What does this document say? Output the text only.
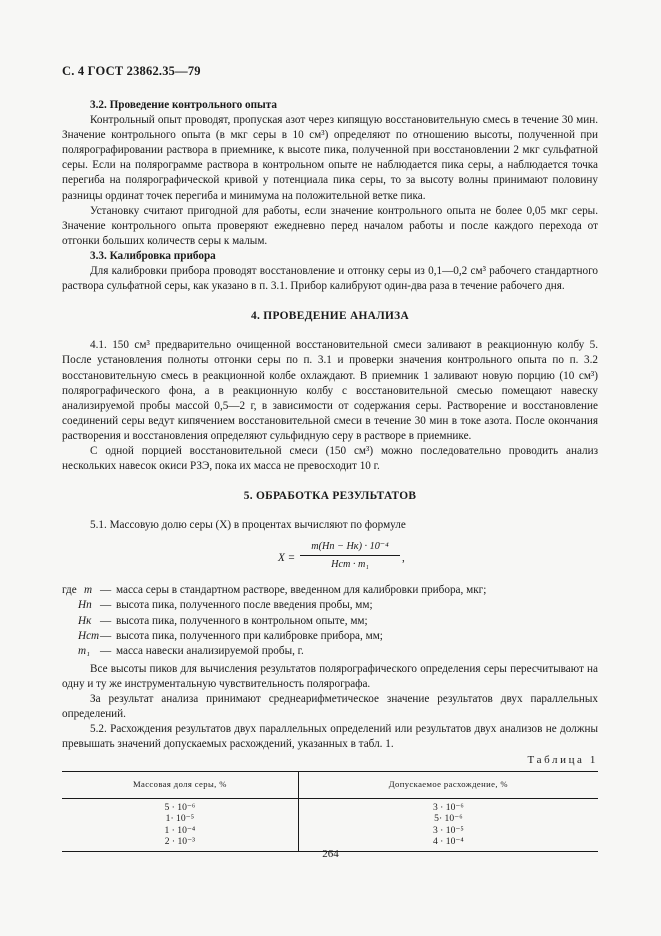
С. 4 ГОСТ 23862.35—79

3.2. Проведение контрольного опыта

Контрольный опыт проводят, пропуская азот через кипящую восстановительную смесь в течение 30 мин. Значение контрольного опыта (в мкг серы в 10 см³) определяют по отношению высоты, полученной при полярографировании раствора в приемнике, к высоте пика, полученной при восстановлении 2 мкг сульфатной серы. Если на полярограмме раствора в контрольном опыте не наблюдается пика серы, а наблюдается точка перегиба на полярографической кривой у потенциала пика серы, то за высоту волны принимают половину разницы ординат точек перегиба и минимума на положительной ветке пика.

Установку считают пригодной для работы, если значение контрольного опыта не более 0,05 мкг серы. Значение контрольного опыта проверяют ежедневно перед началом работы и после каждого перехода от отгонки больших количеств серы к малым.

3.3. Калибровка прибора

Для калибровки прибора проводят восстановление и отгонку серы из 0,1—0,2 см³ рабочего стандартного раствора сульфатной серы, как указано в п. 3.1. Прибор калибруют один-два раза в течение рабочего дня.

4. ПРОВЕДЕНИЕ АНАЛИЗА

4.1. 150 см³ предварительно очищенной восстановительной смеси заливают в реакционную колбу 5. После установления полноты отгонки серы по п. 3.1 и проверки значения контрольного опыта по п. 3.2 восстановительную смесь в реакционной колбе охлаждают. В приемник 1 заливают новую порцию (10 см³) полярографического фона, а в реакционную колбу с восстановительной смесью помещают навеску анализируемой пробы массой 0,5—2 г, в зависимости от содержания серы. Растворение и восстановление соединений серы ведут кипячением восстановительной смеси в течение 30 мин в токе азота. После окончания растворения и восстановления определяют сульфидную серу в растворе в приемнике.

С одной порцией восстановительной смеси (150 см³) можно последовательно проводить анализ нескольких навесок окиси РЗЭ, пока их масса не превосходит 10 г.

5. ОБРАБОТКА РЕЗУЛЬТАТОВ

5.1. Массовую долю серы (X) в процентах вычисляют по формуле

X =
m(Hп − Hк) · 10⁻⁴
Hст · m₁
,
где m — масса серы в стандартном растворе, введенном для калибровки прибора, мкг;
Hп — высота пика, полученного после введения пробы, мм;
Hк — высота пика, полученного в контрольном опыте, мм;
Hст — высота пика, полученного при калибровке прибора, мм;
m₁ — масса навески анализируемой пробы, г.

Все высоты пиков для вычисления результатов полярографического определения серы пересчитывают на одну и ту же инструментальную чувствительность полярографа.

За результат анализа принимают среднеарифметическое значение результатов двух параллельных определений.

5.2. Расхождения результатов двух параллельных определений или результатов двух анализов не должны превышать значений допускаемых расхождений, указанных в табл. 1.

Таблица 1
Массовая доля серы, %	Допускаемое расхождение, %
5 · 10⁻⁶	3 · 10⁻⁶
1· 10⁻⁵	5· 10⁻⁶
1 · 10⁻⁴	3 · 10⁻⁵
2 · 10⁻³	4 · 10⁻⁴
264
